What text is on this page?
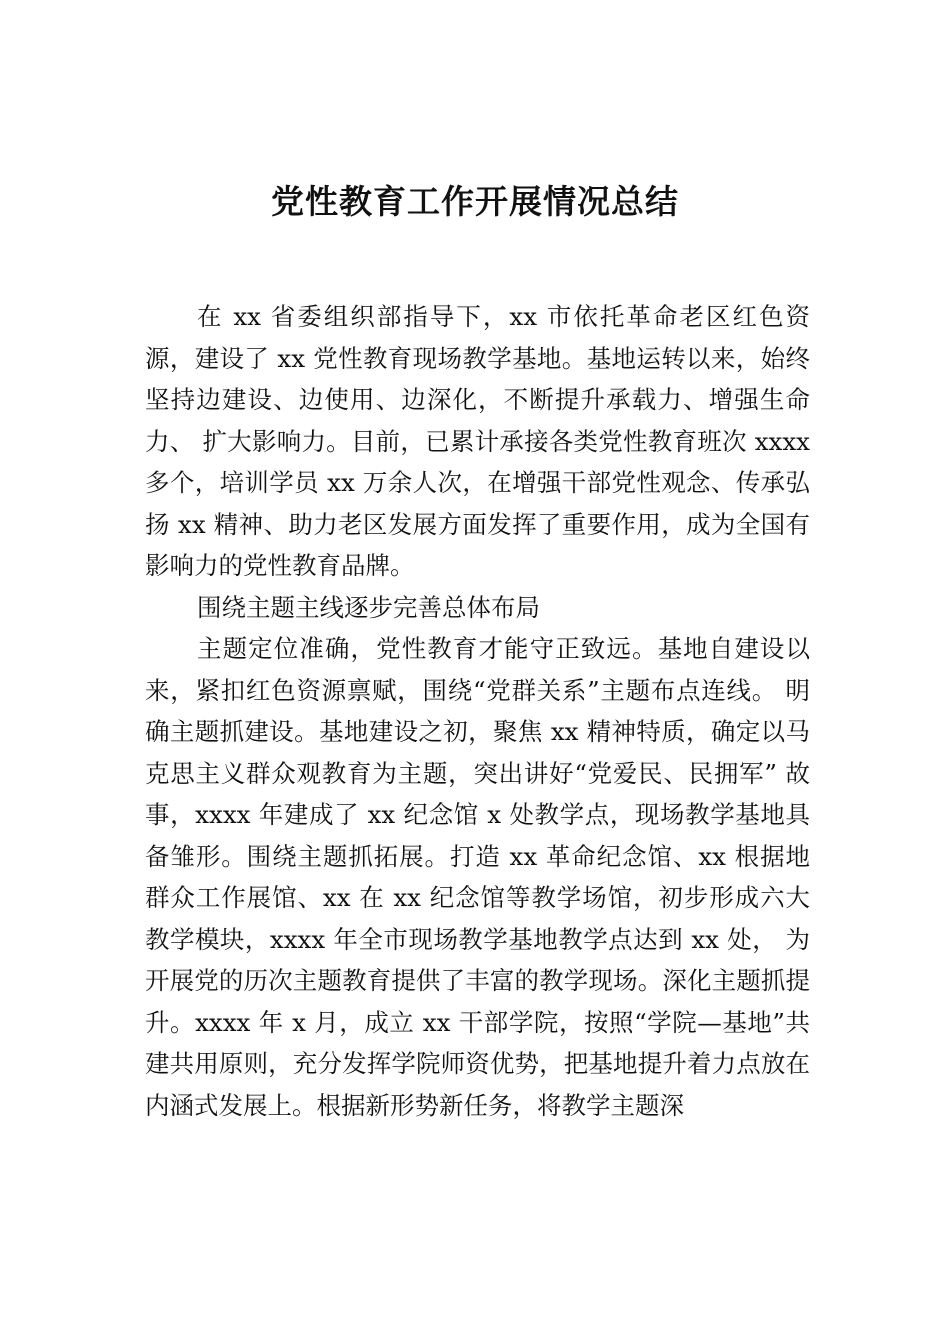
党性教育工作开展情况总结

在 xx 省委组织部指导下，xx 市依托革命老区红色资源，建设了 xx 党性教育现场教学基地。基地运转以来，始终坚持边建设、边使用、边深化，不断提升承载力、增强生命力、 扩大影响力。目前，已累计承接各类党性教育班次 xxxx 多个，培训学员 xx 万余人次，在增强干部党性观念、传承弘扬 xx 精神、助力老区发展方面发挥了重要作用，成为全国有影响力的党性教育品牌。

围绕主题主线逐步完善总体布局

主题定位准确，党性教育才能守正致远。基地自建设以来，紧扣红色资源禀赋，围绕“党群关系”主题布点连线。 明确主题抓建设。基地建设之初，聚焦 xx 精神特质，确定以马克思主义群众观教育为主题，突出讲好“党爱民、民拥军” 故事，xxxx 年建成了 xx 纪念馆 x 处教学点，现场教学基地具备雏形。围绕主题抓拓展。打造 xx 革命纪念馆、xx 根据地群众工作展馆、xx 在 xx 纪念馆等教学场馆，初步形成六大教学模块，xxxx 年全市现场教学基地教学点达到 xx 处， 为开展党的历次主题教育提供了丰富的教学现场。深化主题抓提升。xxxx 年 x 月，成立 xx 干部学院，按照“学院—基地”共建共用原则，充分发挥学院师资优势，把基地提升着力点放在内涵式发展上。根据新形势新任务，将教学主题深
